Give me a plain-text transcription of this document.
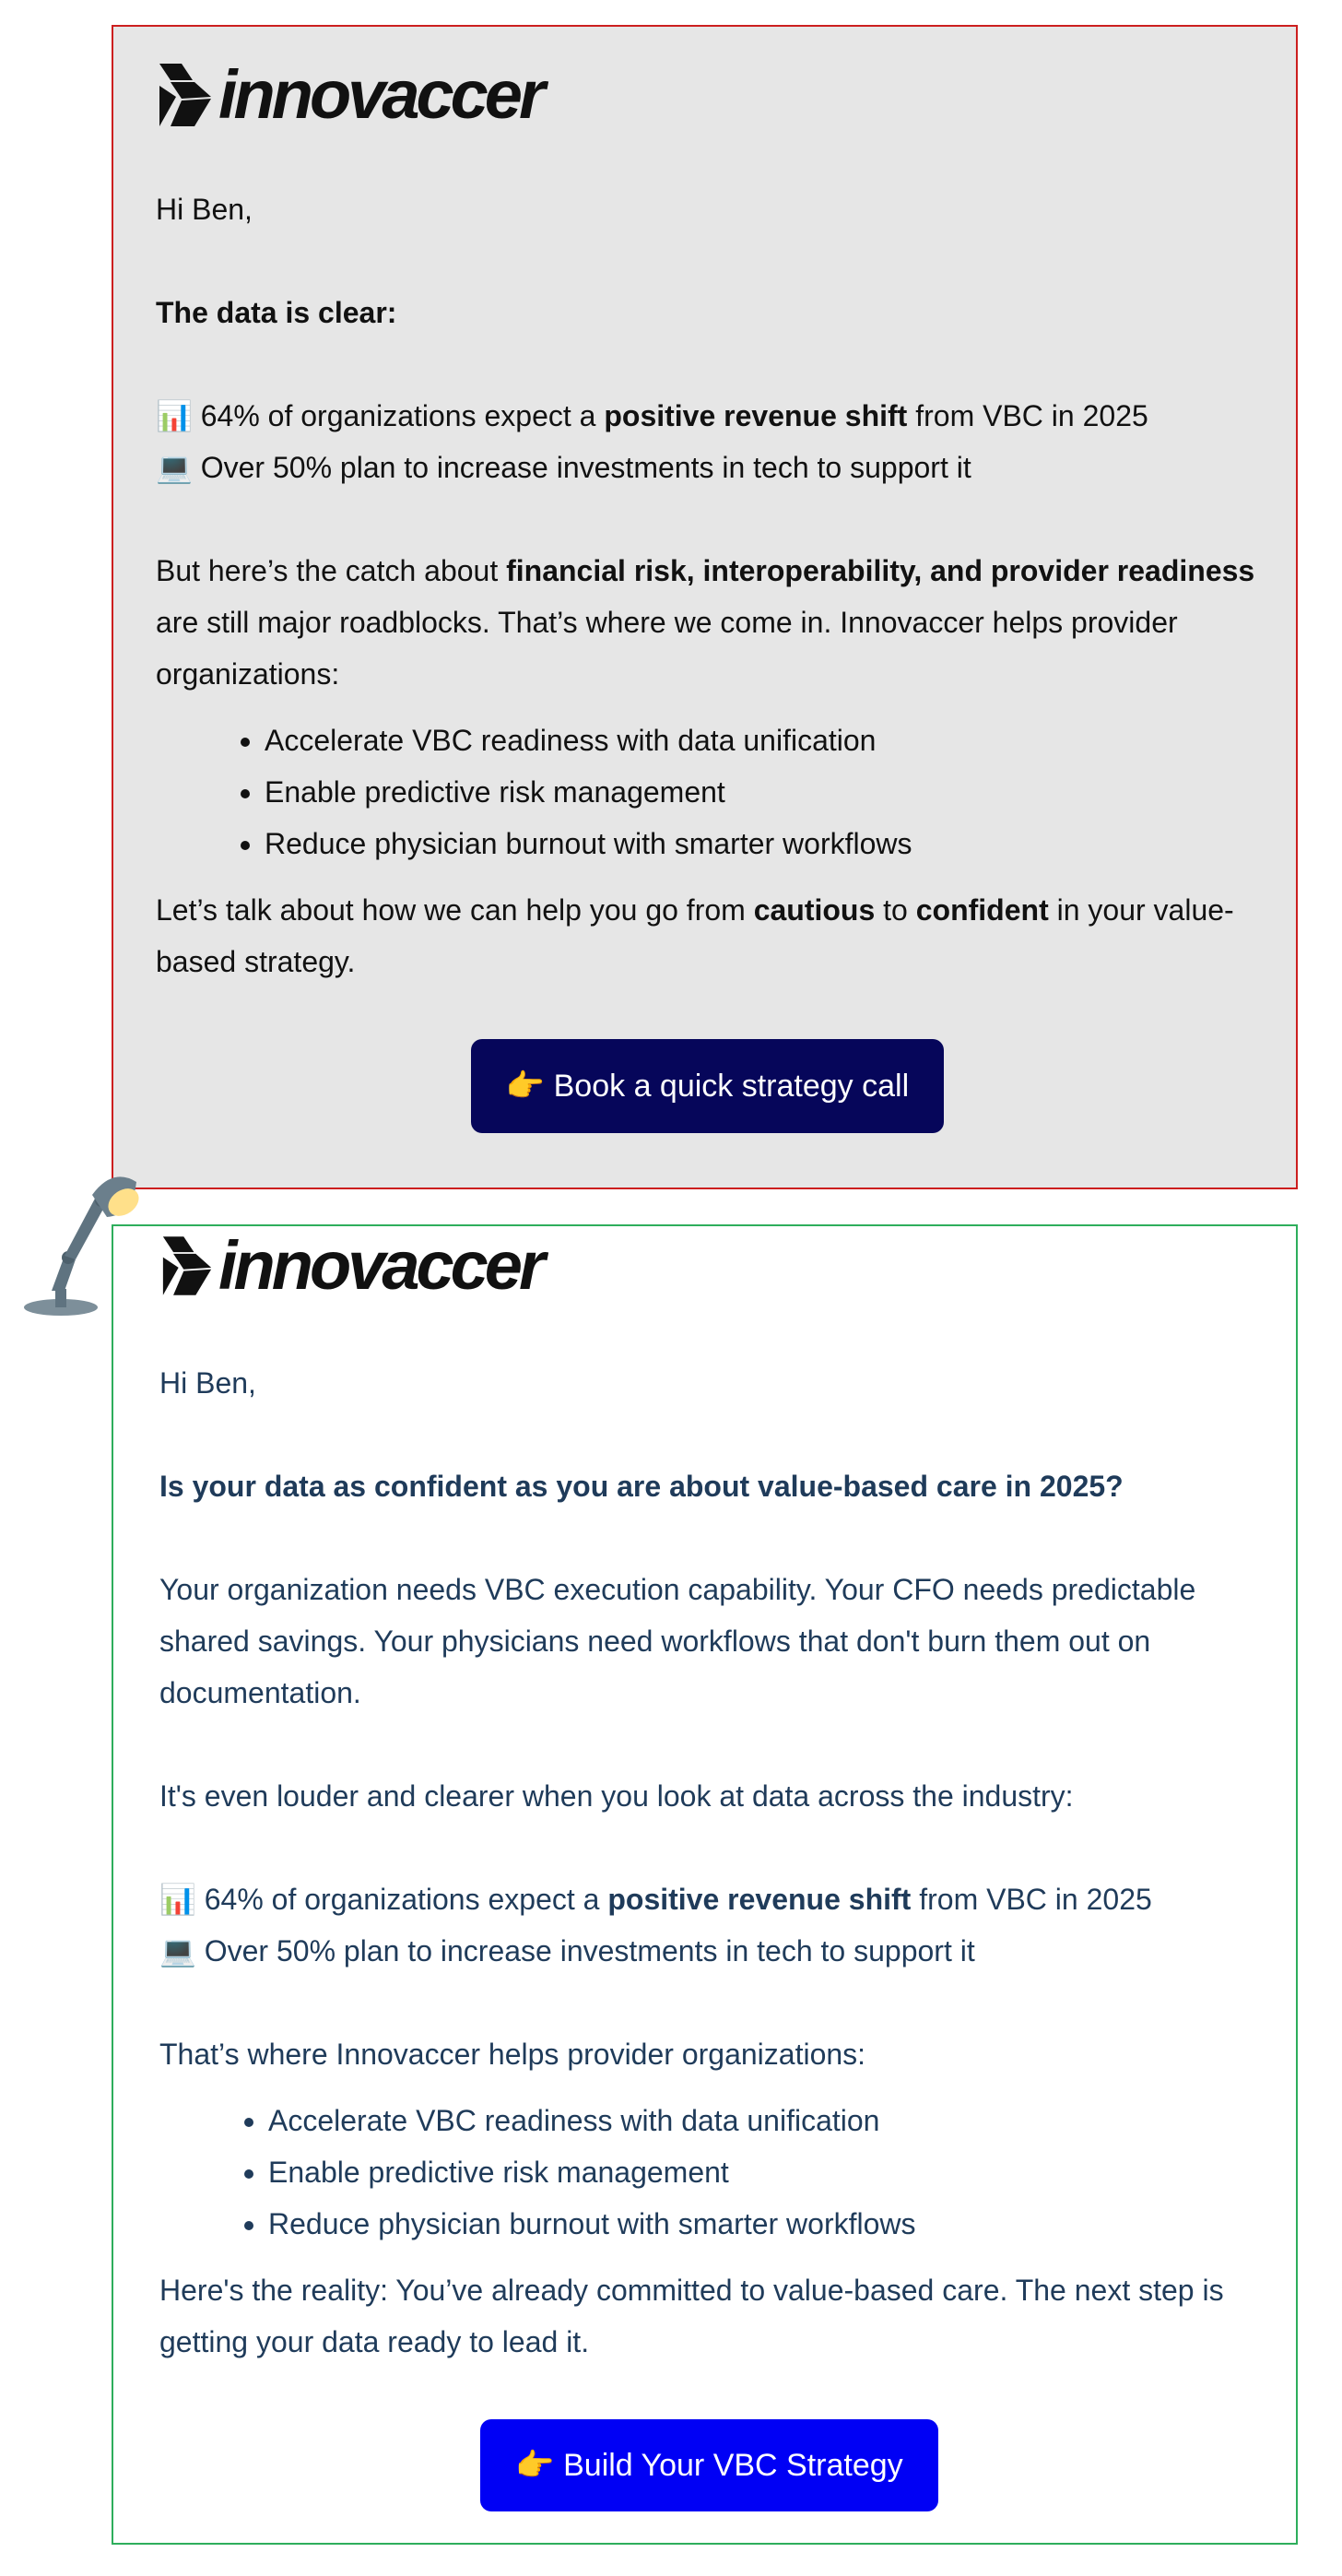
innovaccer

Hi Ben,

The data is clear:

📊 64% of organizations expect a positive revenue shift from VBC in 2025

💻 Over 50% plan to increase investments in tech to support it

But here’s the catch about financial risk, interoperability, and provider readiness are still major roadblocks. That’s where we come in. Innovaccer helps provider organizations:

• Accelerate VBC readiness with data unification
• Enable predictive risk management
• Reduce physician burnout with smarter workflows

Let’s talk about how we can help you go from cautious to confident in your value-based strategy.

👉 Book a quick strategy call
innovaccer

Hi Ben,

Is your data as confident as you are about value-based care in 2025?

Your organization needs VBC execution capability. Your CFO needs predictable shared savings. Your physicians need workflows that don't burn them out on documentation.

It's even louder and clearer when you look at data across the industry:

📊 64% of organizations expect a positive revenue shift from VBC in 2025

💻 Over 50% plan to increase investments in tech to support it

That’s where Innovaccer helps provider organizations:

• Accelerate VBC readiness with data unification
• Enable predictive risk management
• Reduce physician burnout with smarter workflows

Here's the reality: You’ve already committed to value-based care. The next step is getting your data ready to lead it.

👉 Build Your VBC Strategy
